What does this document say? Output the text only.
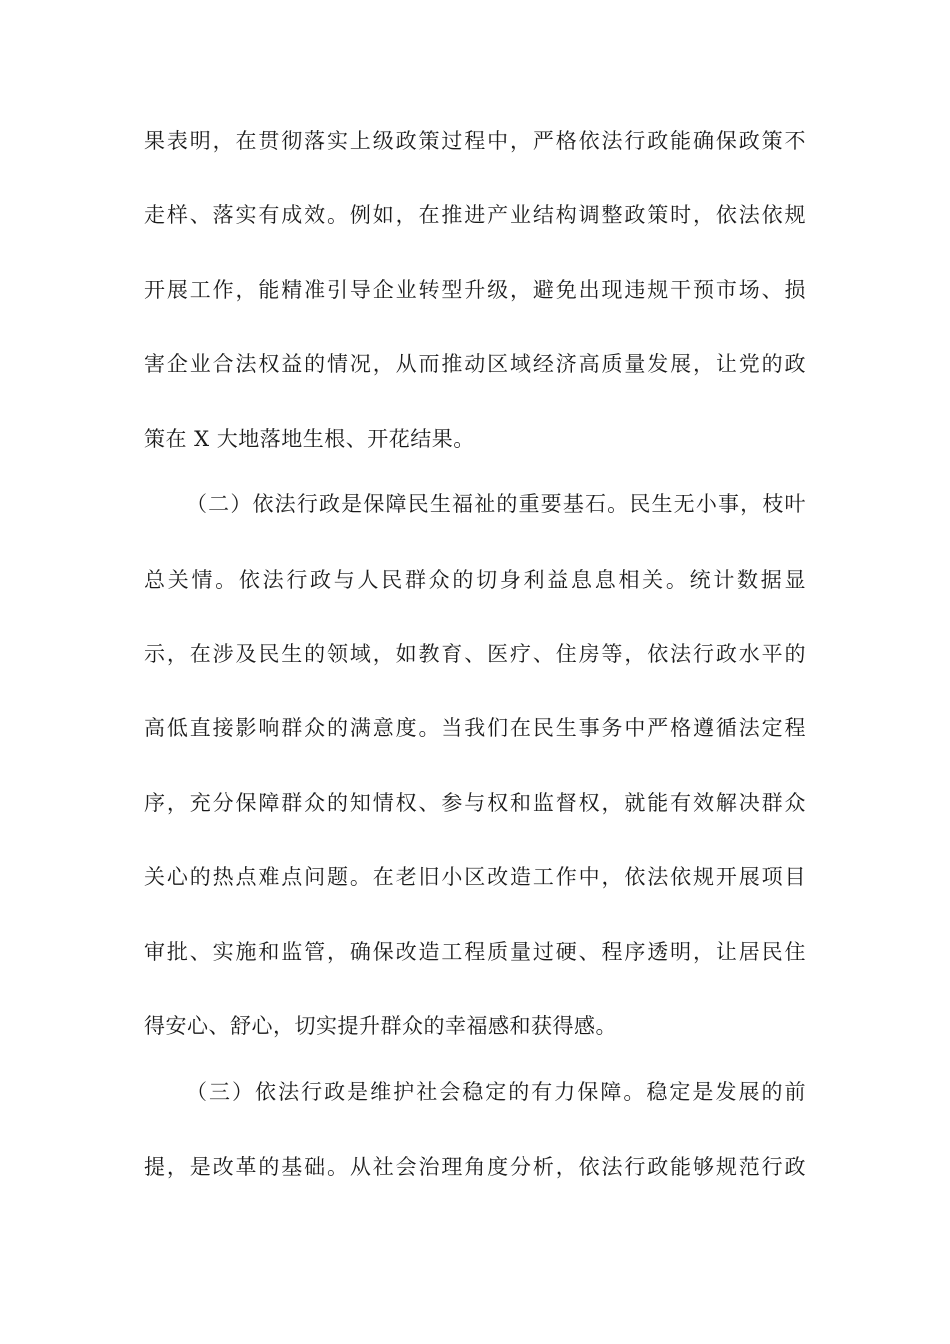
果表明，在贯彻落实上级政策过程中，严格依法行政能确保政策不
走样、落实有成效。例如，在推进产业结构调整政策时，依法依规
开展工作，能精准引导企业转型升级，避免出现违规干预市场、损
害企业合法权益的情况，从而推动区域经济高质量发展，让党的政
策在 X 大地落地生根、开花结果。
（二）依法行政是保障民生福祉的重要基石。民生无小事，枝叶
总关情。依法行政与人民群众的切身利益息息相关。统计数据显
示，在涉及民生的领域，如教育、医疗、住房等，依法行政水平的
高低直接影响群众的满意度。当我们在民生事务中严格遵循法定程
序，充分保障群众的知情权、参与权和监督权，就能有效解决群众
关心的热点难点问题。在老旧小区改造工作中，依法依规开展项目
审批、实施和监管，确保改造工程质量过硬、程序透明，让居民住
得安心、舒心，切实提升群众的幸福感和获得感。
（三）依法行政是维护社会稳定的有力保障。稳定是发展的前
提，是改革的基础。从社会治理角度分析，依法行政能够规范行政
